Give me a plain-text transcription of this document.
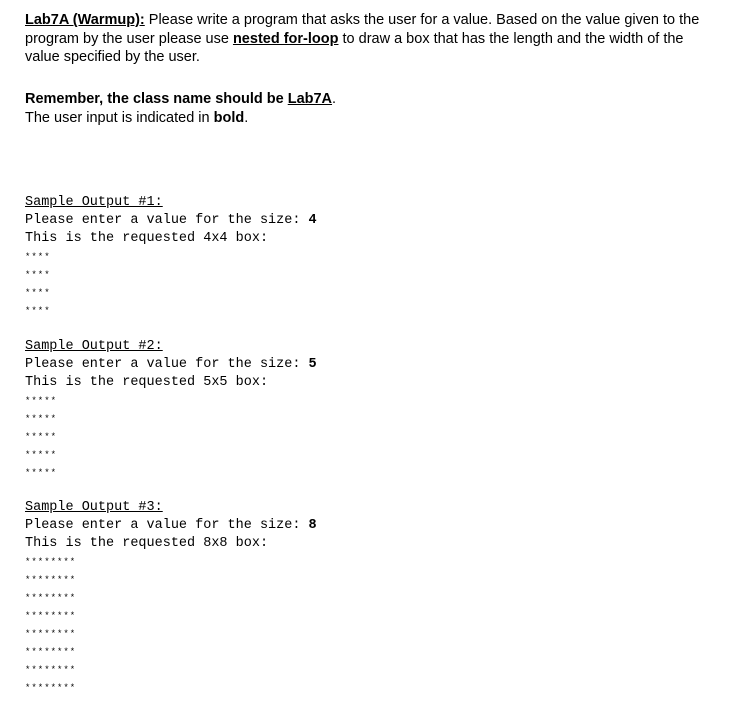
Lab7A (Warmup): Please write a program that asks the user for a value. Based on the value given to the program by the user please use nested for-loop to draw a box that has the length and the width of the value specified by the user.
Remember, the class name should be Lab7A.
The user input is indicated in bold.
Sample Output #1:
Please enter a value for the size: 4
This is the requested 4x4 box:
****
****
****
****
Sample Output #2:
Please enter a value for the size: 5
This is the requested 5x5 box:
*****
*****
*****
*****
*****
Sample Output #3:
Please enter a value for the size: 8
This is the requested 8x8 box:
********
********
********
********
********
********
********
********
